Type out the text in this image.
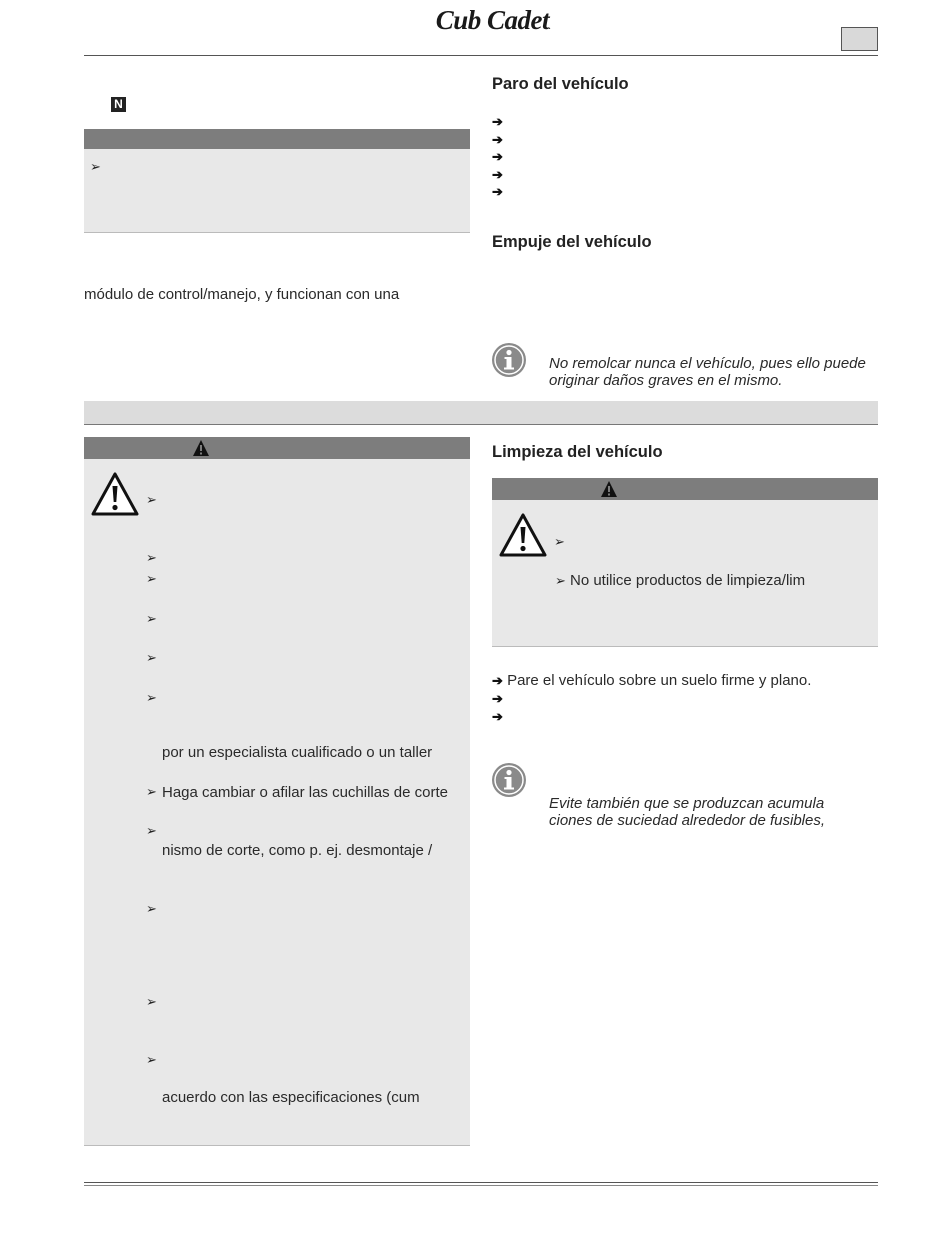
Cub Cadet.
N
➢
módulo de control/manejo, y funcionan con una
Paro del vehículo
➔
➔
➔
➔
➔
Empuje del vehículo
No remolcar nunca el vehículo, pues ello puede originar daños graves en el mismo.
➢
➢
➢
➢
➢
➢
por un especialista cualificado o un taller
➢ Haga cambiar o afilar las cuchillas de corte
➢
nismo de corte, como p. ej. desmontaje /
➢
➢
➢
acuerdo con las especificaciones (cum
Limpieza del vehículo
➢
➢ No utilice productos de limpieza/lim
➔ Pare el vehículo sobre un suelo firme y plano.
➔
➔
Evite también que se produzcan acumula ciones de suciedad alrededor de fusibles,
